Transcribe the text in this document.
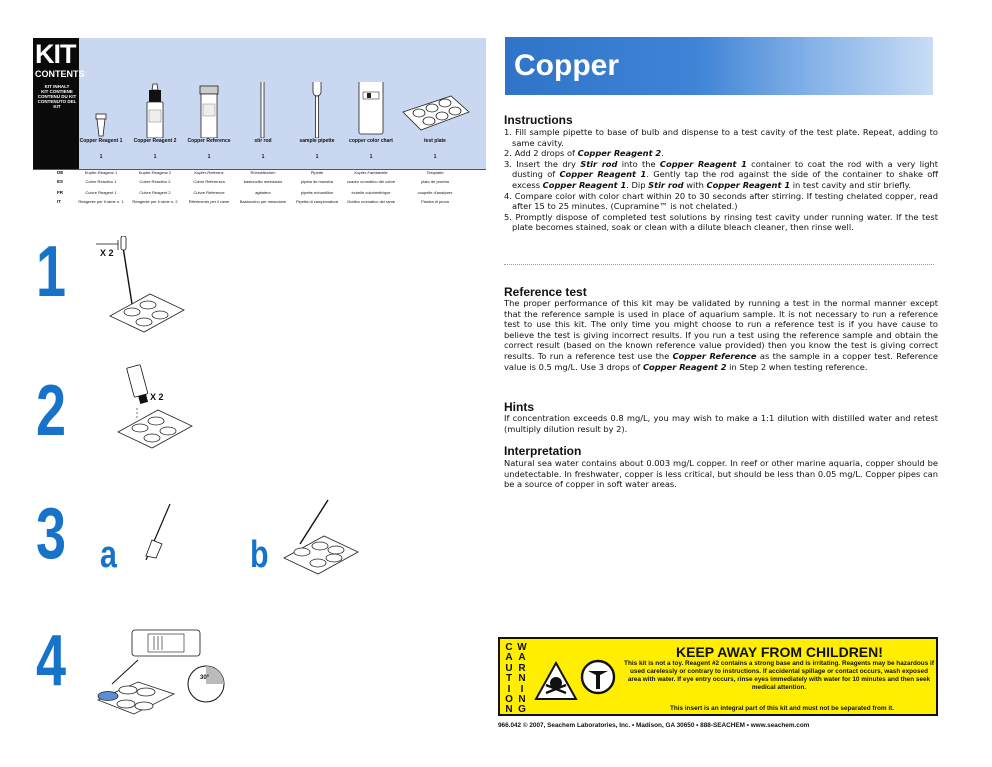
KIT
CONTENTS
KIT INHALT
KIT CONTIENE
CONTENU DU KIT
CONTENUTO DEL KIT
Copper Reagent 1
1
Copper Reagent 2
1
Copper Reference
1
stir rod
1
sample pipette
1
copper color chart
1
test plate
1
DE	Kupfer-Reagenz 1	Kupfer-Reagenz 2	Kupfer-Referenz	Rührstäbchen	Pipette	Kupfer-Farbtabelle	Testplatte
ES	Cobre Reactivo 1	Cobre Reactivo 2	Cobre Referencia	bastoncillo mezclador	pipeta de muestra	cuadro cromático del cobre	plato de prueba
FR	Cuivre Reagent 1	Cuivre Reagent 2	Cuivre Reference	agitateur	pipette échantillon	échelle colorimétrique	coupelle d'analyses
IT	Reagente per il rame n. 1	Reagente per il rame n. 2	Riferimento per il rame	Bastoncino per mescolare	Pipetta di campionatura	Grafico cromatico del rame	Piastra di prova
1	X 2
2	X 2
3 a	b
4	30°
Copper
Instructions
1. Fill sample pipette to base of bulb and dispense to a test cavity of the test plate. Repeat, adding to same cavity.
2. Add 2 drops of Copper Reagent 2.
3. Insert the dry Stir rod into the Copper Reagent 1 container to coat the rod with a very light dusting of Copper Reagent 1. Gently tap the rod against the side of the container to shake off excess Copper Reagent 1. Dip Stir rod with Copper Reagent 1 in test cavity and stir briefly.
4. Compare color with color chart within 20 to 30 seconds after stirring. If testing chelated copper, read after 15 to 25 minutes. (Cupramine™ is not chelated.)
5. Promptly dispose of completed test solutions by rinsing test cavity under running water. If the test plate becomes stained, soak or clean with a dilute bleach cleaner, then rinse well.
Reference test
The proper performance of this kit may be validated by running a test in the normal manner except that the reference sample is used in place of aquarium sample. It is not necessary to run a reference test to use this kit. The only time you might choose to run a reference test is if you have cause to believe the test is giving incorrect results. If you run a test using the reference sample and obtain the correct result (based on the known reference value provided) then you know the test is giving correct results. To run a reference test use the Copper Reference as the sample in a copper test. Reference value is 0.5 mg/L. Use 3 drops of Copper Reagent 2 in Step 2 when testing reference.
Hints
If concentration exceeds 0.8 mg/L, you may wish to make a 1:1 dilution with distilled water and retest (multiply dilution result by 2).
Interpretation
Natural sea water contains about 0.003 mg/L copper. In reef or other marine aquaria, copper should be undetectable. In freshwater, copper is less critical, but should be less than 0.05 mg/L. Copper pipes can be a source of copper in soft water areas.
C
A
U
T
I
O
N
W
A
R
N
I
N
G
KEEP AWAY FROM CHILDREN!
This kit is not a toy. Reagent #2 contains a strong base and is irritating. Reagents may be hazardous if used carelessly or contrary to instructions. If accidental spillage or contact occurs, wash exposed area with water. If eye entry occurs, rinse eyes immediately with water for 10 minutes and then seek medical attention.
This insert is an integral part of this kit and must not be separated from it.
966.042 © 2007, Seachem Laboratories, Inc. • Madison, GA 30650 • 888-SEACHEM • www.seachem.com
